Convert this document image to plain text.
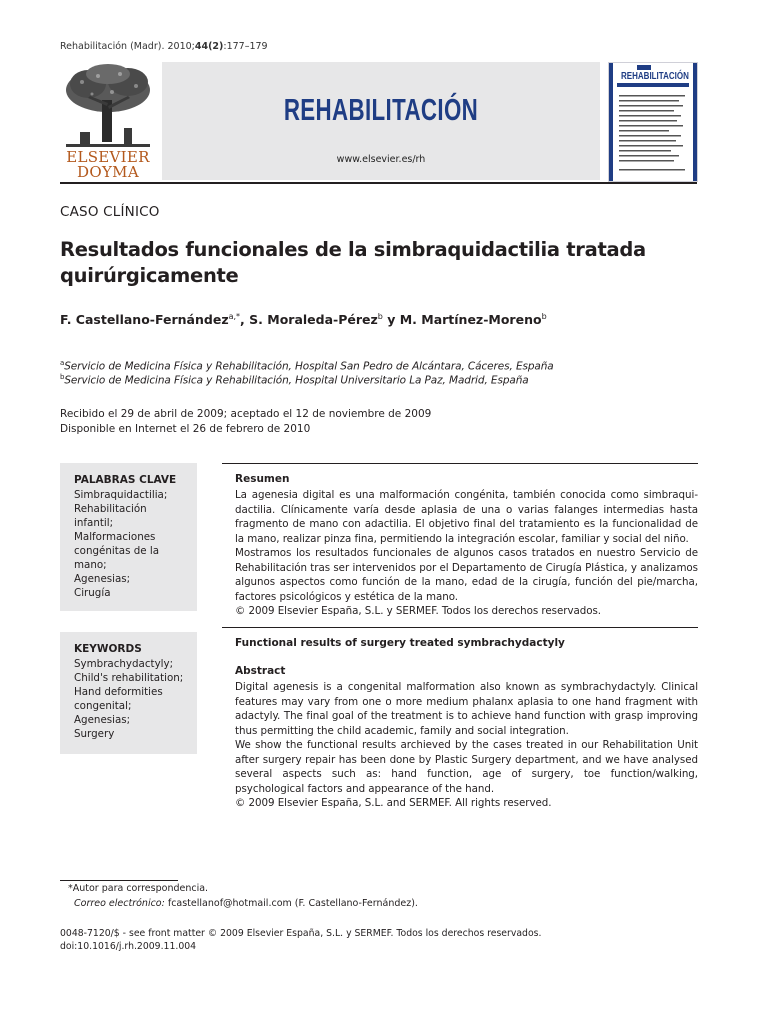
Rehabilitación (Madr). 2010;44(2):177–179
ELSEVIER
DOYMA
REHABILITACIÓN
www.elsevier.es/rh
REHABILITACIÓN
CASO CLÍNICO
Resultados funcionales de la simbraquidactilia tratada
quirúrgicamente
F. Castellano-Fernández$^{a,*}$, S. Moraleda-Pérez$^b$ y M. Martínez-Moreno$^b$
$^a$Servicio de Medicina Física y Rehabilitación, Hospital San Pedro de Alcántara, Cáceres, España
$^b$Servicio de Medicina Física y Rehabilitación, Hospital Universitario La Paz, Madrid, España
Recibido el 29 de abril de 2009; aceptado el 12 de noviembre de 2009
Disponible en Internet el 26 de febrero de 2010
PALABRAS CLAVE
Simbraquidactilia;
Rehabilitación
infantil;
Malformaciones
congénitas de la
mano;
Agenesias;
Cirugía
KEYWORDS
Symbrachydactyly;
Child's rehabilitation;
Hand deformities
congenital;
Agenesias;
Surgery
Resumen

La agenesia digital es una malformación congénita, también conocida como simbraqui-dactilia. Clínicamente varía desde aplasia de una o varias falanges intermedias hasta fragmento de mano con adactilia. El objetivo final del tratamiento es la funcionalidad de la mano, realizar pinza fina, permitiendo la integración escolar, familiar y social del niño.

Mostramos los resultados funcionales de algunos casos tratados en nuestro Servicio de Rehabilitación tras ser intervenidos por el Departamento de Cirugía Plástica, y analizamos algunos aspectos como función de la mano, edad de la cirugía, función del pie/marcha, factores psicológicos y estética de la mano.

© 2009 Elsevier España, S.L. y SERMEF. Todos los derechos reservados.

Functional results of surgery treated symbrachydactyly
Abstract

Digital agenesis is a congenital malformation also known as symbrachydactyly. Clinical features may vary from one o more medium phalanx aplasia to one hand fragment with adactyly. The final goal of the treatment is to achieve hand function with grasp improving thus permitting the child academic, family and social integration.

We show the functional results archieved by the cases treated in our Rehabilitation Unit after surgery repair has been done by Plastic Surgery department, and we have analysed several aspects such as: hand function, age of surgery, toe function/walking, psychological factors and appearance of the hand.

© 2009 Elsevier España, S.L. and SERMEF. All rights reserved.

*Autor para correspondencia.
Correo electrónico: fcastellanof@hotmail.com (F. Castellano-Fernández).
0048-7120/$ - see front matter © 2009 Elsevier España, S.L. y SERMEF. Todos los derechos reservados.
doi:10.1016/j.rh.2009.11.004
